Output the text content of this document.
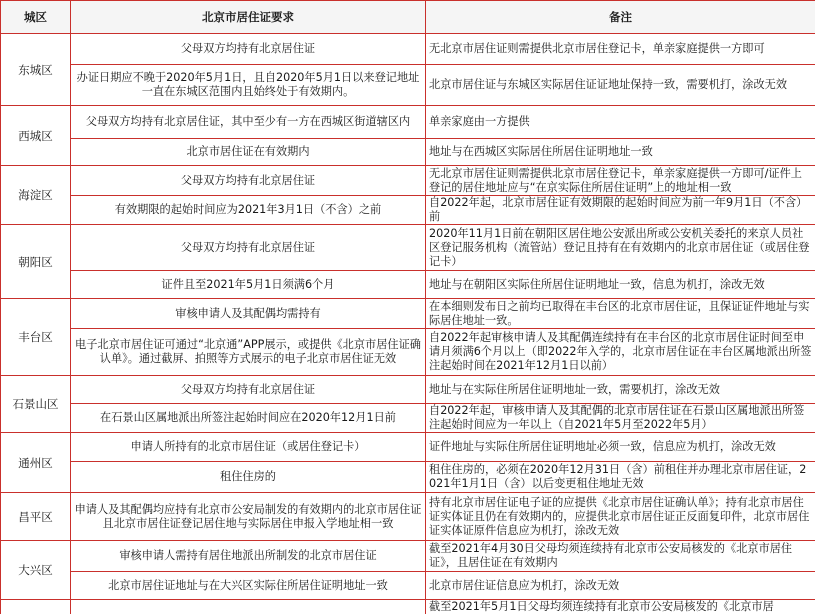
城区	北京市居住证要求	备注
东城区	父母双方均持有北京居住证	无北京市居住证则需提供北京市居住登记卡，单亲家庭提供一方即可
	办证日期应不晚于2020年5月1日，且自2020年5月1日以来登记地址一直在东城区范围内且始终处于有效期内。	北京市居住证与东城区实际居住证证地址保持一致，需要机打，涂改无效
西城区	父母双方均持有北京居住证，其中至少有一方在西城区街道辖区内	单亲家庭由一方提供
	北京市居住证在有效期内	地址与在西城区实际居住所居住证明地址一致
海淀区	父母双方均持有北京居住证	无北京市居住证则需提供北京市居住登记卡，单亲家庭提供一方即可/证件上登记的居住地址应与“在京实际住所居住证明”上的地址相一致
	有效期限的起始时间应为2021年3月1日（不含）之前	自2022年起，北京市居住证有效期限的起始时间应为前一年9月1日（不含）前
朝阳区	父母双方均持有北京居住证	2020年11月1日前在朝阳区居住地公安派出所或公安机关委托的来京人员社区登记服务机构（流管站）登记且持有在有效期内的北京市居住证（或居住登记卡）
	证件且至2021年5月1日须满6个月	地址与在朝阳区实际住所居住证明地址一致，信息为机打，涂改无效
丰台区	审核申请人及其配偶均需持有	在本细则发布日之前均已取得在丰台区的北京市居住证，且保证证件地址与实际居住地址一致。
	电子北京市居住证可通过“北京通”APP展示，或提供《北京市居住证确认单》。通过截屏、拍照等方式展示的电子北京市居住证无效	自2022年起审核申请人及其配偶连续持有在丰台区的北京市居住证时间至申请月须满6个月以上（即2022年入学的，北京市居住证在丰台区属地派出所签注起始时间在2021年12月1日以前）
石景山区	父母双方均持有北京居住证	地址与在实际住所居住证明地址一致，需要机打，涂改无效
	在石景山区属地派出所签注起始时间应在2020年12月1日前	自2022年起，审核申请人及其配偶的北京市居住证在石景山区属地派出所签注起始时间应为一年以上（自2021年5月至2022年5月）
通州区	申请人所持有的北京市居住证（或居住登记卡）	证件地址与实际住所居住证明地址必须一致，信息应为机打，涂改无效
	租住住房的	租住住房的，必须在2020年12月31日（含）前租住并办理北京市居住证，2021年1月1日（含）以后变更租住地址无效
昌平区	申请人及其配偶均应持有北京市公安局制发的有效期内的北京市居住证且北京市居住证登记居住地与实际居住申报入学地址相一致	持有北京市居住证电子证的应提供《北京市居住证确认单》；持有北京市居住证实体证且仍在有效期内的，应提供北京市居住证正反面复印件，北京市居住证实体证原件信息应为机打，涂改无效
大兴区	审核申请人需持有居住地派出所制发的北京市居住证	截至2021年4月30日父母均须连续持有北京市公安局核发的《北京市居住证》，且居住证在有效期内
	北京市居住证地址与在大兴区实际住所居住证明地址一致	北京市居住证信息应为机打，涂改无效
		截至2021年5月1日父母均须连续持有北京市公安局核发的《北京市居
